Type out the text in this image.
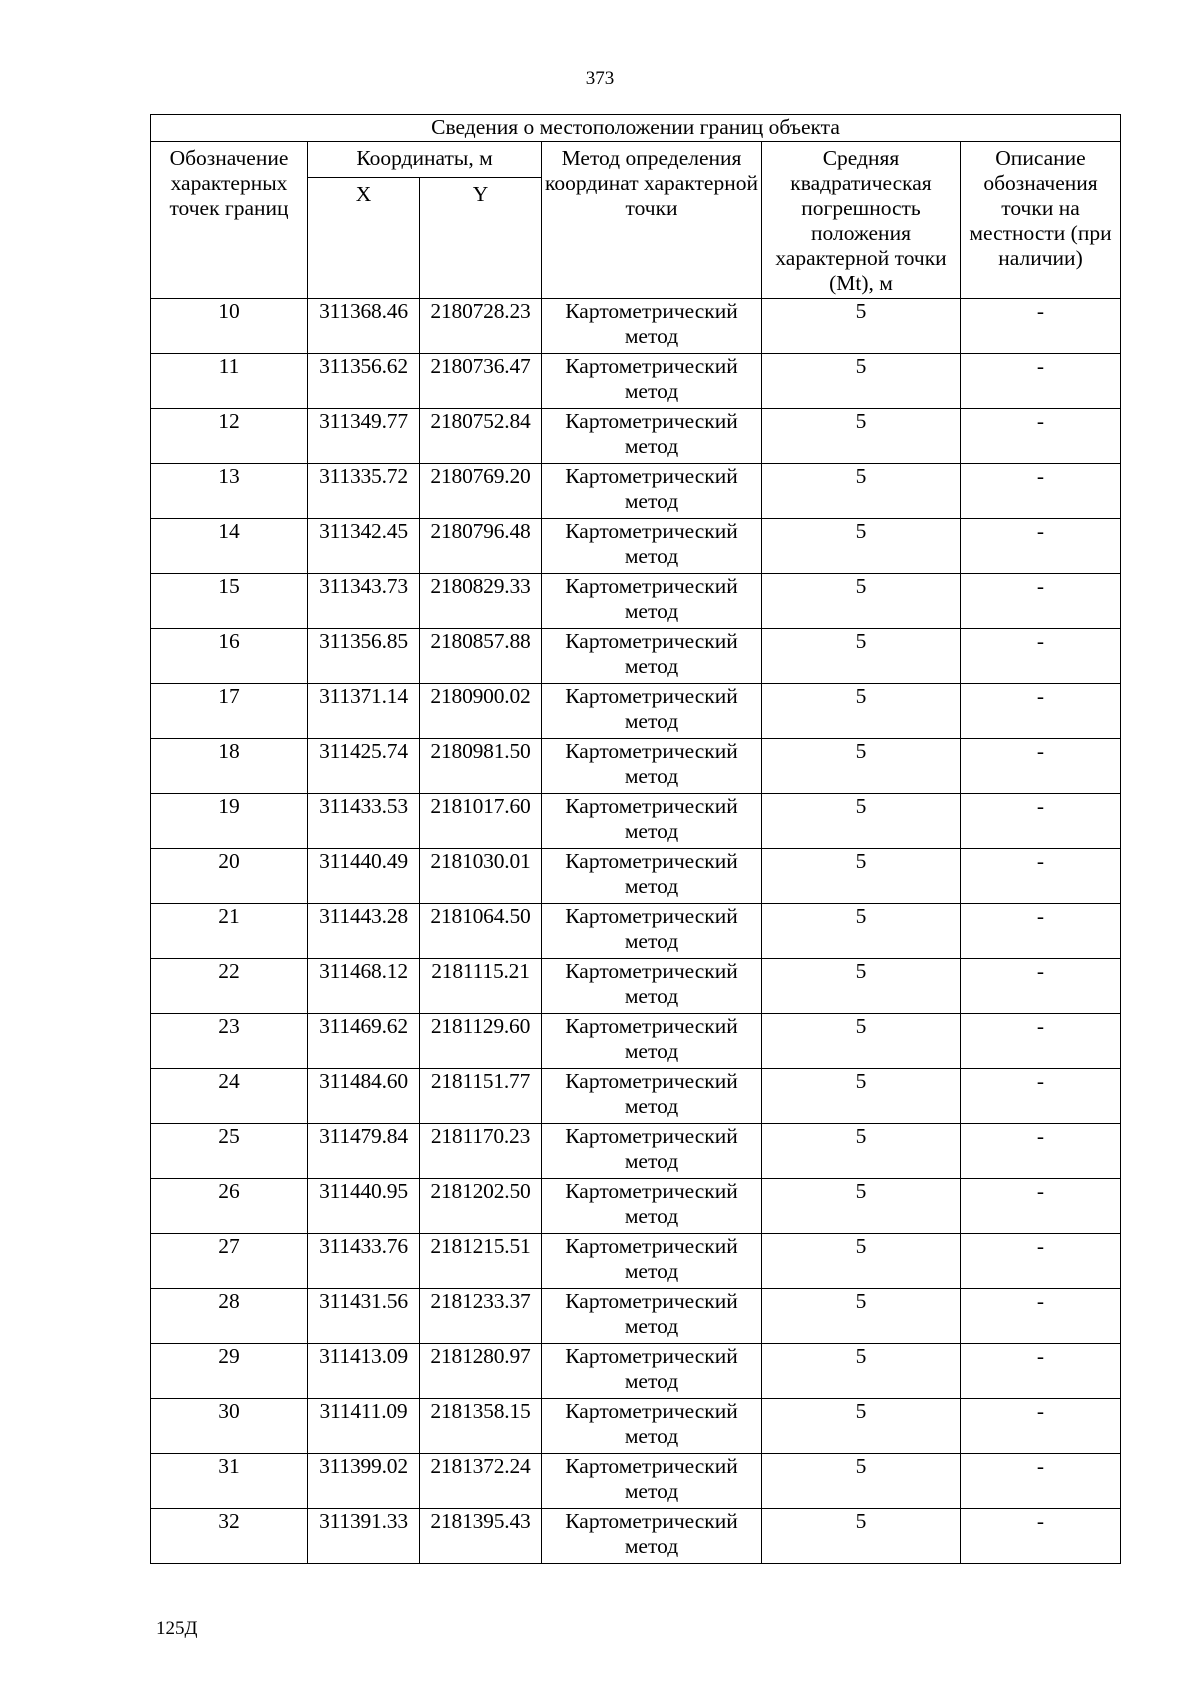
373
Сведения о местоположении границ объекта					
Обозначение характерных точек границ	Координаты, м		Метод определения координат характерной точки	Средняя квадратическая погрешность положения характерной точки (Mt), м	Описание обозначения точки на местности (при наличии)
	X	Y			
10	311368.46	2180728.23	Картометрический метод	5	-
11	311356.62	2180736.47	Картометрический метод	5	-
12	311349.77	2180752.84	Картометрический метод	5	-
13	311335.72	2180769.20	Картометрический метод	5	-
14	311342.45	2180796.48	Картометрический метод	5	-
15	311343.73	2180829.33	Картометрический метод	5	-
16	311356.85	2180857.88	Картометрический метод	5	-
17	311371.14	2180900.02	Картометрический метод	5	-
18	311425.74	2180981.50	Картометрический метод	5	-
19	311433.53	2181017.60	Картометрический метод	5	-
20	311440.49	2181030.01	Картометрический метод	5	-
21	311443.28	2181064.50	Картометрический метод	5	-
22	311468.12	2181115.21	Картометрический метод	5	-
23	311469.62	2181129.60	Картометрический метод	5	-
24	311484.60	2181151.77	Картометрический метод	5	-
25	311479.84	2181170.23	Картометрический метод	5	-
26	311440.95	2181202.50	Картометрический метод	5	-
27	311433.76	2181215.51	Картометрический метод	5	-
28	311431.56	2181233.37	Картометрический метод	5	-
29	311413.09	2181280.97	Картометрический метод	5	-
30	311411.09	2181358.15	Картометрический метод	5	-
31	311399.02	2181372.24	Картометрический метод	5	-
32	311391.33	2181395.43	Картометрический метод	5	-
125Д
